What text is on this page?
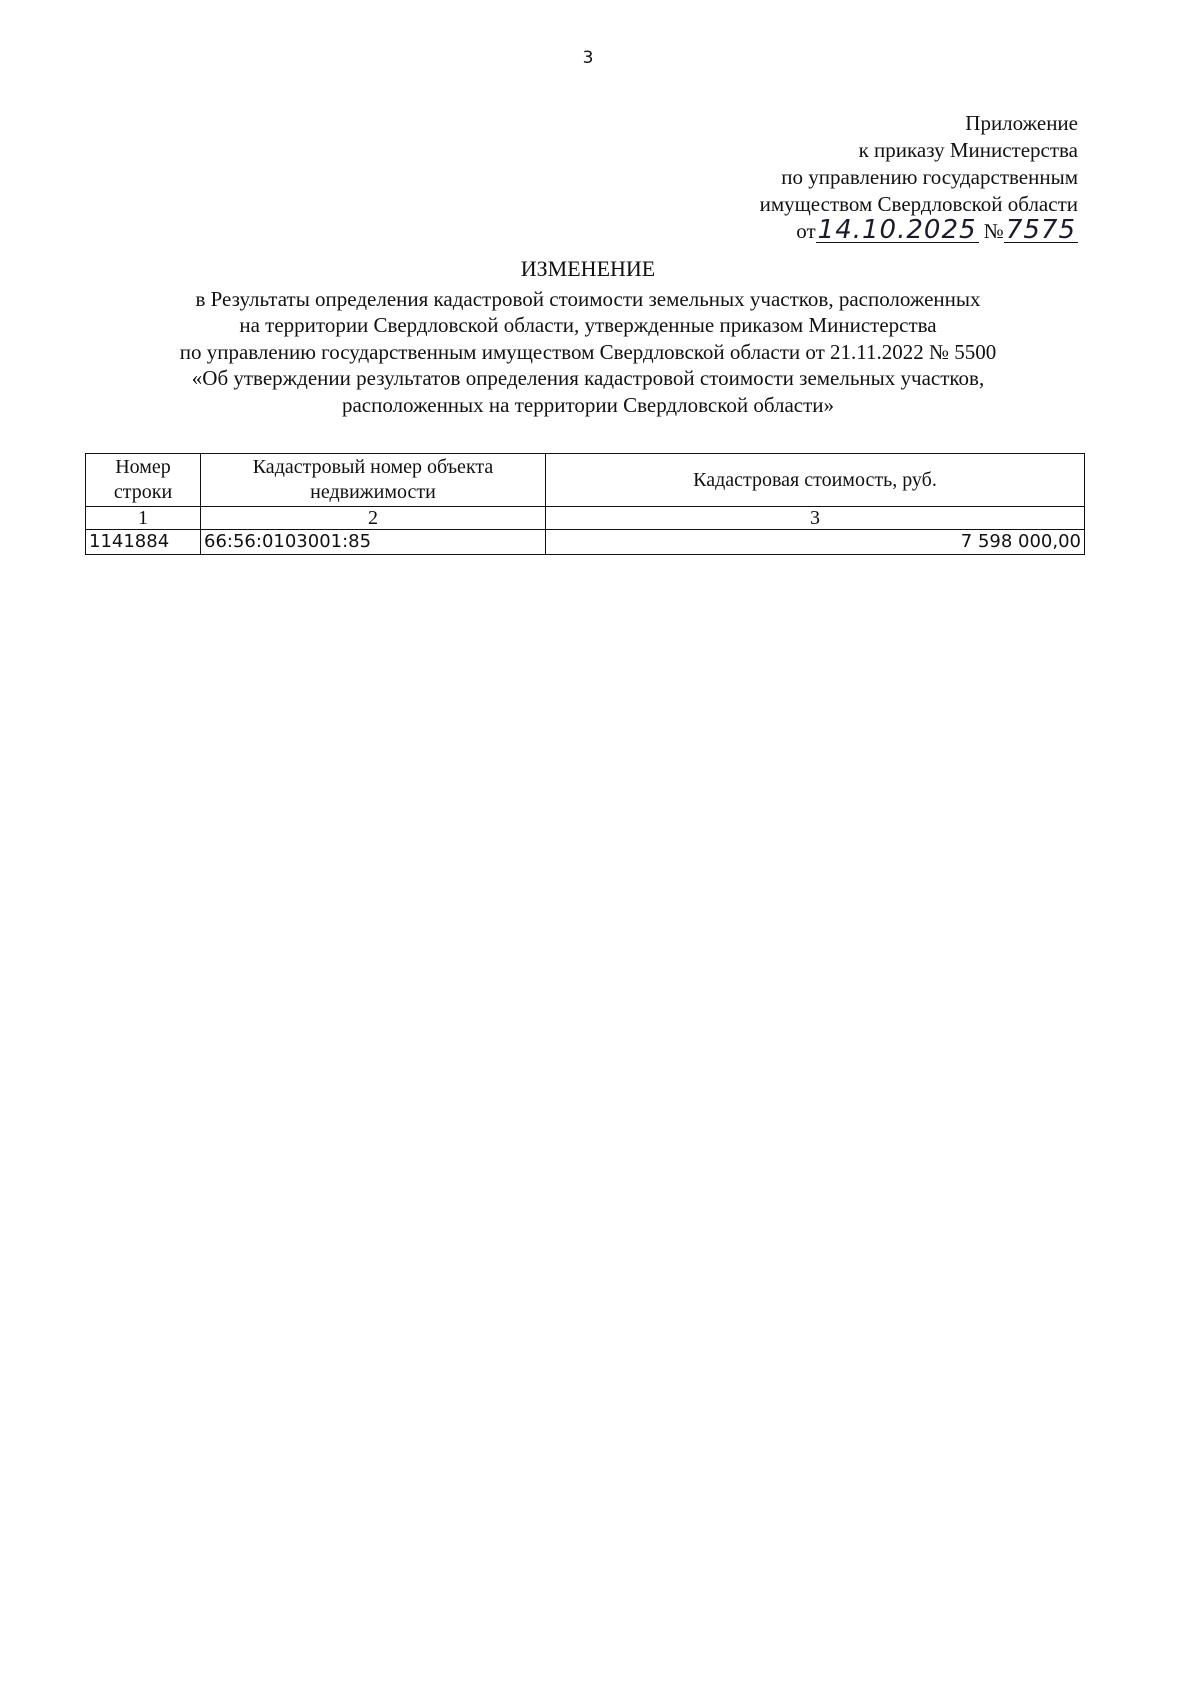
3
Приложение
к приказу Министерства
по управлению государственным
имуществом Свердловской области
от14.10.2025 №7575
ИЗМЕНЕНИЕ
в Результаты определения кадастровой стоимости земельных участков, расположенных
на территории Свердловской области, утвержденные приказом Министерства
по управлению государственным имуществом Свердловской области от 21.11.2022 № 5500
«Об утверждении результатов определения кадастровой стоимости земельных участков,
расположенных на территории Свердловской области»
Номер строки	Кадастровый номер объекта недвижимости	Кадастровая стоимость, руб.
1	2	3
1141884	66:56:0103001:85	7 598 000,00
